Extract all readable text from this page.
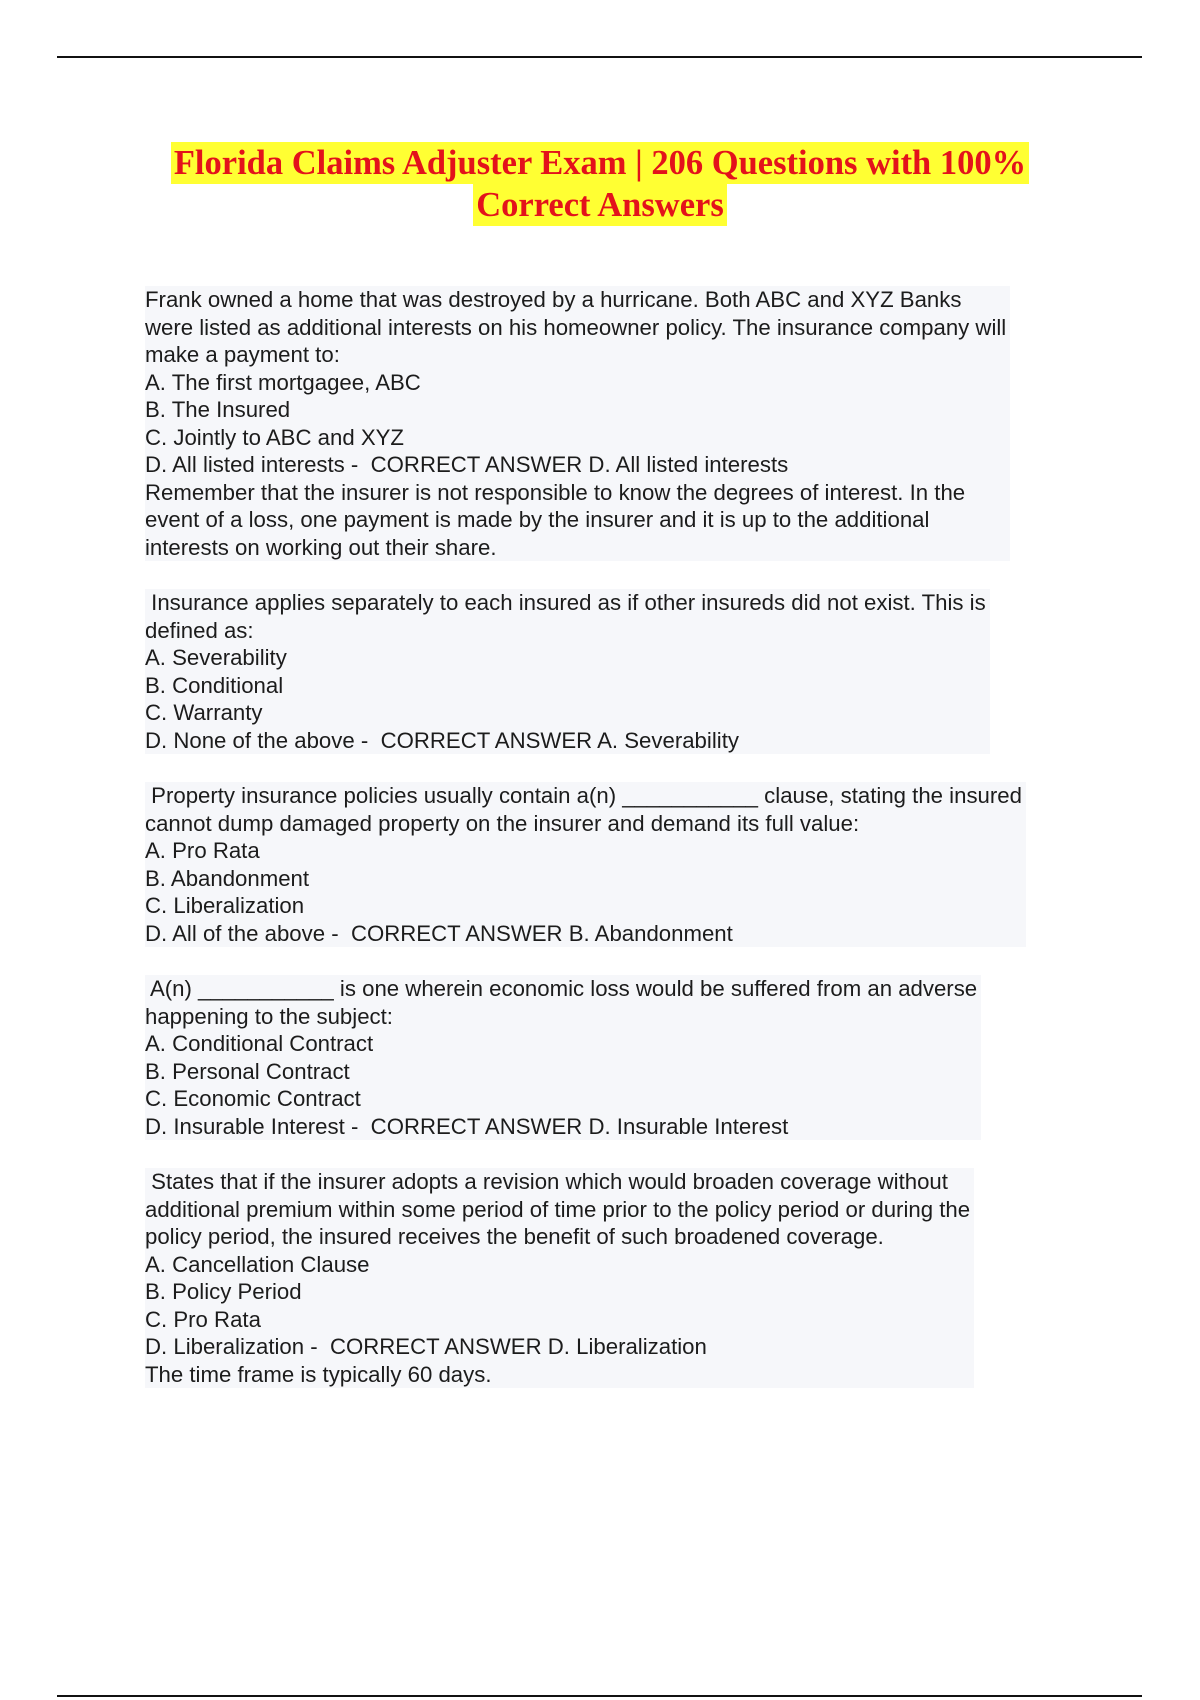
Florida Claims Adjuster Exam | 206 Questions with 100%
Correct Answers
Frank owned a home that was destroyed by a hurricane. Both ABC and XYZ Banks
were listed as additional interests on his homeowner policy. The insurance company will
make a payment to:
A. The first mortgagee, ABC
B. The Insured
C. Jointly to ABC and XYZ
D. All listed interests -  CORRECT ANSWER D. All listed interests
Remember that the insurer is not responsible to know the degrees of interest. In the
event of a loss, one payment is made by the insurer and it is up to the additional
interests on working out their share.
Insurance applies separately to each insured as if other insureds did not exist. This is
defined as:
A. Severability
B. Conditional
C. Warranty
D. None of the above -  CORRECT ANSWER A. Severability
Property insurance policies usually contain a(n) ___________ clause, stating the insured
cannot dump damaged property on the insurer and demand its full value:
A. Pro Rata
B. Abandonment
C. Liberalization
D. All of the above -  CORRECT ANSWER B. Abandonment
A(n) ___________ is one wherein economic loss would be suffered from an adverse
happening to the subject:
A. Conditional Contract
B. Personal Contract
C. Economic Contract
D. Insurable Interest -  CORRECT ANSWER D. Insurable Interest
States that if the insurer adopts a revision which would broaden coverage without
additional premium within some period of time prior to the policy period or during the
policy period, the insured receives the benefit of such broadened coverage.
A. Cancellation Clause
B. Policy Period
C. Pro Rata
D. Liberalization -  CORRECT ANSWER D. Liberalization
The time frame is typically 60 days.
